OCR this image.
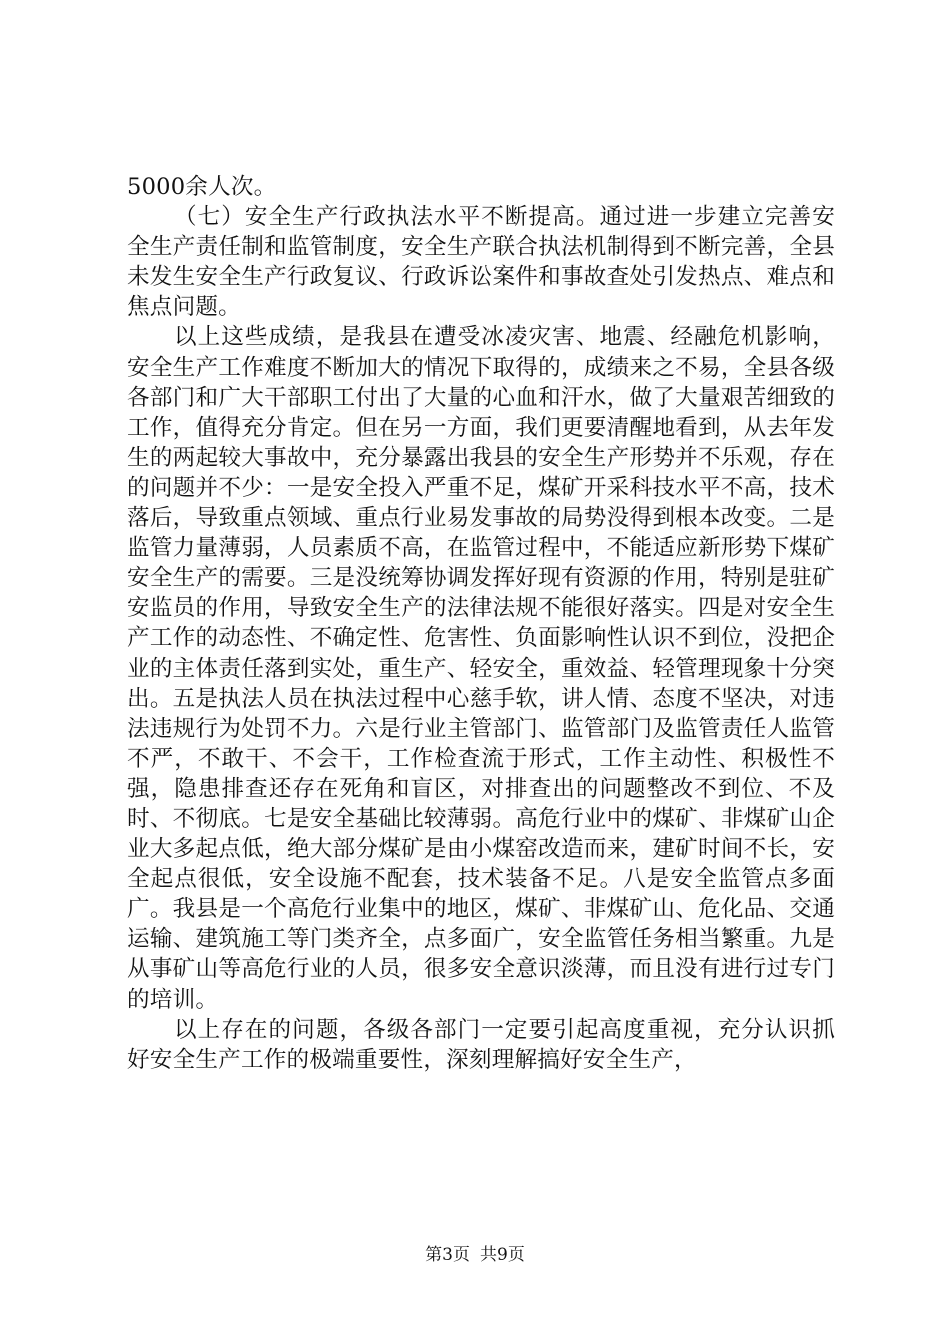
5000余人次。

（七）安全生产行政执法水平不断提高。通过进一步建立完善安全生产责任制和监管制度，安全生产联合执法机制得到不断完善，全县未发生安全生产行政复议、行政诉讼案件和事故查处引发热点、难点和焦点问题。

以上这些成绩，是我县在遭受冰凌灾害、地震、经融危机影响，安全生产工作难度不断加大的情况下取得的，成绩来之不易，全县各级各部门和广大干部职工付出了大量的心血和汗水，做了大量艰苦细致的工作，值得充分肯定。但在另一方面，我们更要清醒地看到，从去年发生的两起较大事故中，充分暴露出我县的安全生产形势并不乐观，存在的问题并不少：一是安全投入严重不足，煤矿开采科技水平不高，技术落后，导致重点领域、重点行业易发事故的局势没得到根本改变。二是监管力量薄弱，人员素质不高，在监管过程中，不能适应新形势下煤矿安全生产的需要。三是没统筹协调发挥好现有资源的作用，特别是驻矿安监员的作用，导致安全生产的法律法规不能很好落实。四是对安全生产工作的动态性、不确定性、危害性、负面影响性认识不到位，没把企业的主体责任落到实处，重生产、轻安全，重效益、轻管理现象十分突出。五是执法人员在执法过程中心慈手软，讲人情、态度不坚决，对违法违规行为处罚不力。六是行业主管部门、监管部门及监管责任人监管不严，不敢干、不会干，工作检查流于形式，工作主动性、积极性不强，隐患排查还存在死角和盲区，对排查出的问题整改不到位、不及时、不彻底。七是安全基础比较薄弱。高危行业中的煤矿、非煤矿山企业大多起点低，绝大部分煤矿是由小煤窑改造而来，建矿时间不长，安全起点很低，安全设施不配套，技术装备不足。八是安全监管点多面广。我县是一个高危行业集中的地区，煤矿、非煤矿山、危化品、交通运输、建筑施工等门类齐全，点多面广，安全监管任务相当繁重。九是从事矿山等高危行业的人员，很多安全意识淡薄，而且没有进行过专门的培训。

以上存在的问题，各级各部门一定要引起高度重视，充分认识抓好安全生产工作的极端重要性，深刻理解搞好安全生产，

第3页 共9页
